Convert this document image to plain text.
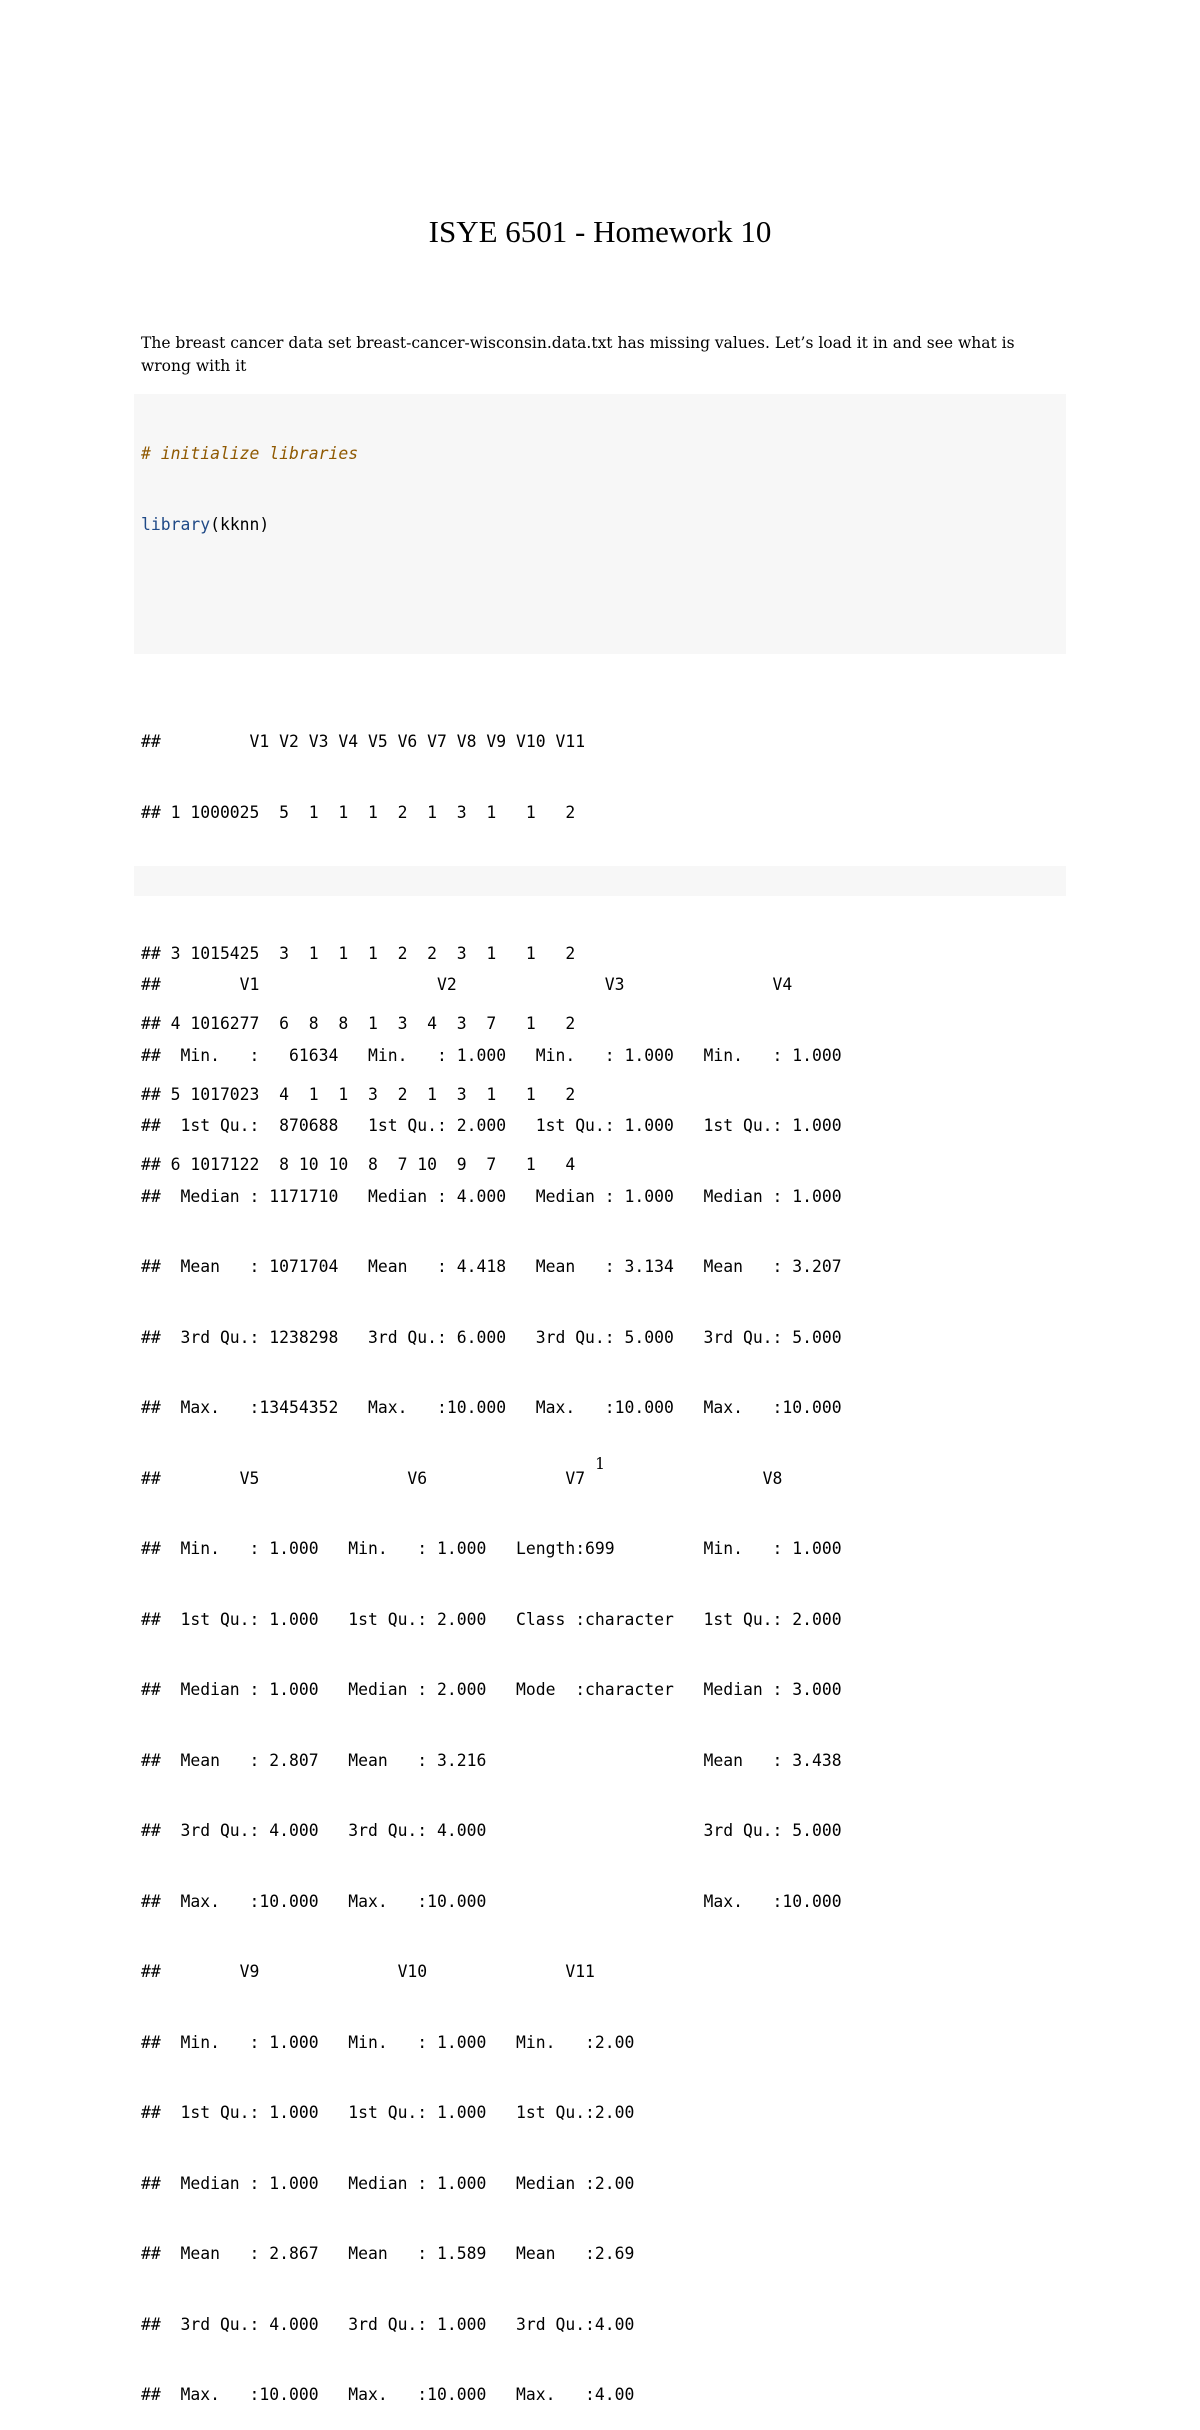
ISYE 6501 - Homework 10

The breast cancer data set breast-cancer-wisconsin.data.txt has missing values. Let’s load it in and see what is wrong with it

# initialize libraries

library(kknn)

##         V1 V2 V3 V4 V5 V6 V7 V8 V9 V10 V11

## 1 1000025  5  1  1  1  2  1  3  1   1   2

## 3 1015425  3  1  1  1  2  2  3  1   1   2

## 4 1016277  6  8  8  1  3  4  3  7   1   2

## 5 1017023  4  1  1  3  2  1  3  1   1   2

## 6 1017122  8 10 10  8  7 10  9  7   1   4

##        V1                  V2               V3               V4

##  Min.   :   61634   Min.   : 1.000   Min.   : 1.000   Min.   : 1.000

##  1st Qu.:  870688   1st Qu.: 2.000   1st Qu.: 1.000   1st Qu.: 1.000

##  Median : 1171710   Median : 4.000   Median : 1.000   Median : 1.000

##  Mean   : 1071704   Mean   : 4.418   Mean   : 3.134   Mean   : 3.207

##  3rd Qu.: 1238298   3rd Qu.: 6.000   3rd Qu.: 5.000   3rd Qu.: 5.000

##  Max.   :13454352   Max.   :10.000   Max.   :10.000   Max.   :10.000

##        V5               V6              V7                  V8

##  Min.   : 1.000   Min.   : 1.000   Length:699         Min.   : 1.000

##  1st Qu.: 1.000   1st Qu.: 2.000   Class :character   1st Qu.: 2.000

##  Median : 1.000   Median : 2.000   Mode  :character   Median : 3.000

##  Mean   : 2.807   Mean   : 3.216                      Mean   : 3.438

##  3rd Qu.: 4.000   3rd Qu.: 4.000                      3rd Qu.: 5.000

##  Max.   :10.000   Max.   :10.000                      Max.   :10.000

##        V9              V10              V11

##  Min.   : 1.000   Min.   : 1.000   Min.   :2.00

##  1st Qu.: 1.000   1st Qu.: 1.000   1st Qu.:2.00

##  Median : 1.000   Median : 1.000   Median :2.00

##  Mean   : 2.867   Mean   : 1.589   Mean   :2.69

##  3rd Qu.: 4.000   3rd Qu.: 1.000   3rd Qu.:4.00

##  Max.   :10.000   Max.   :10.000   Max.   :4.00

1
